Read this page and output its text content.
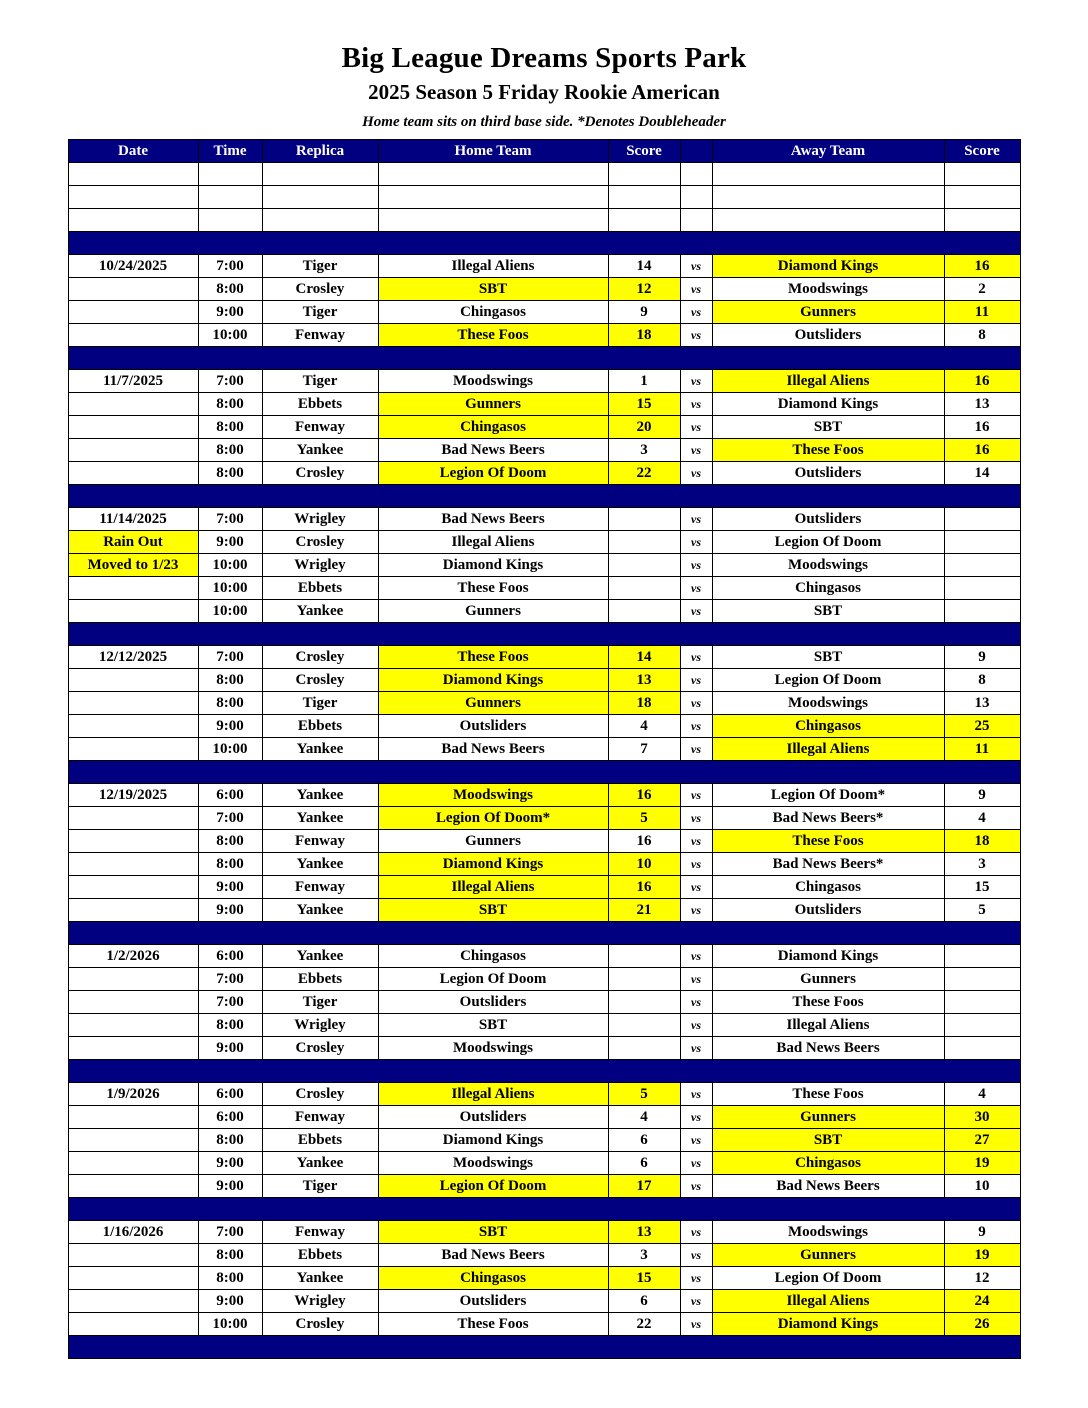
Big League Dreams Sports Park
2025 Season 5 Friday Rookie American

Home team sits on third base side. *Denotes Doubleheader

Date	Time	Replica	Home Team	Score		Away Team	Score

10/24/2025	7:00	Tiger	Illegal Aliens	14	vs	Diamond Kings	16
	8:00	Crosley	SBT	12	vs	Moodswings	2
	9:00	Tiger	Chingasos	9	vs	Gunners	11
	10:00	Fenway	These Foos	18	vs	Outsliders	8

11/7/2025	7:00	Tiger	Moodswings	1	vs	Illegal Aliens	16
	8:00	Ebbets	Gunners	15	vs	Diamond Kings	13
	8:00	Fenway	Chingasos	20	vs	SBT	16
	8:00	Yankee	Bad News Beers	3	vs	These Foos	16
	8:00	Crosley	Legion Of Doom	22	vs	Outsliders	14

11/14/2025	7:00	Wrigley	Bad News Beers		vs	Outsliders	
Rain Out	9:00	Crosley	Illegal Aliens		vs	Legion Of Doom	
Moved to 1/23	10:00	Wrigley	Diamond Kings		vs	Moodswings	
	10:00	Ebbets	These Foos		vs	Chingasos	
	10:00	Yankee	Gunners		vs	SBT	

12/12/2025	7:00	Crosley	These Foos	14	vs	SBT	9
	8:00	Crosley	Diamond Kings	13	vs	Legion Of Doom	8
	8:00	Tiger	Gunners	18	vs	Moodswings	13
	9:00	Ebbets	Outsliders	4	vs	Chingasos	25
	10:00	Yankee	Bad News Beers	7	vs	Illegal Aliens	11

12/19/2025	6:00	Yankee	Moodswings	16	vs	Legion Of Doom*	9
	7:00	Yankee	Legion Of Doom*	5	vs	Bad News Beers*	4
	8:00	Fenway	Gunners	16	vs	These Foos	18
	8:00	Yankee	Diamond Kings	10	vs	Bad News Beers*	3
	9:00	Fenway	Illegal Aliens	16	vs	Chingasos	15
	9:00	Yankee	SBT	21	vs	Outsliders	5

1/2/2026	6:00	Yankee	Chingasos		vs	Diamond Kings	
	7:00	Ebbets	Legion Of Doom		vs	Gunners	
	7:00	Tiger	Outsliders		vs	These Foos	
	8:00	Wrigley	SBT		vs	Illegal Aliens	
	9:00	Crosley	Moodswings		vs	Bad News Beers	

1/9/2026	6:00	Crosley	Illegal Aliens	5	vs	These Foos	4
	6:00	Fenway	Outsliders	4	vs	Gunners	30
	8:00	Ebbets	Diamond Kings	6	vs	SBT	27
	9:00	Yankee	Moodswings	6	vs	Chingasos	19
	9:00	Tiger	Legion Of Doom	17	vs	Bad News Beers	10

1/16/2026	7:00	Fenway	SBT	13	vs	Moodswings	9
	8:00	Ebbets	Bad News Beers	3	vs	Gunners	19
	8:00	Yankee	Chingasos	15	vs	Legion Of Doom	12
	9:00	Wrigley	Outsliders	6	vs	Illegal Aliens	24
	10:00	Crosley	These Foos	22	vs	Diamond Kings	26
